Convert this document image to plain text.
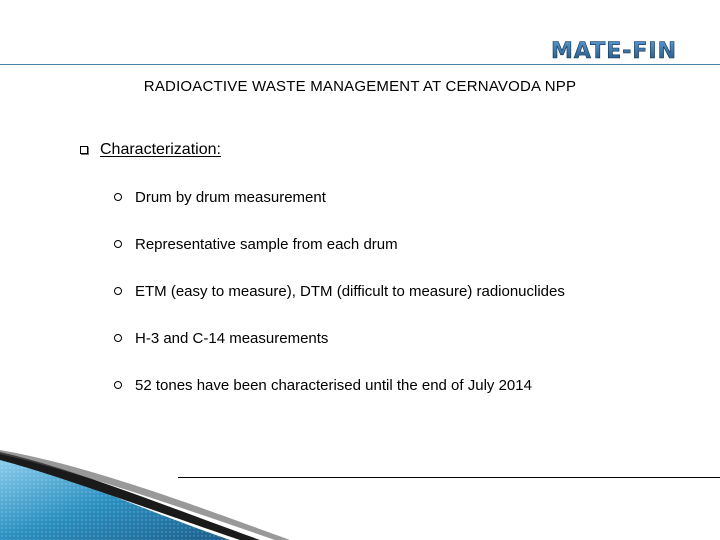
MATE-FIN
RADIOACTIVE WASTE MANAGEMENT AT CERNAVODA NPP
Characterization:
Drum by drum measurement
Representative sample from each drum
ETM (easy to measure), DTM (difficult to measure) radionuclides
H-3 and C-14 measurements
52 tones have been characterised until the end of July 2014
